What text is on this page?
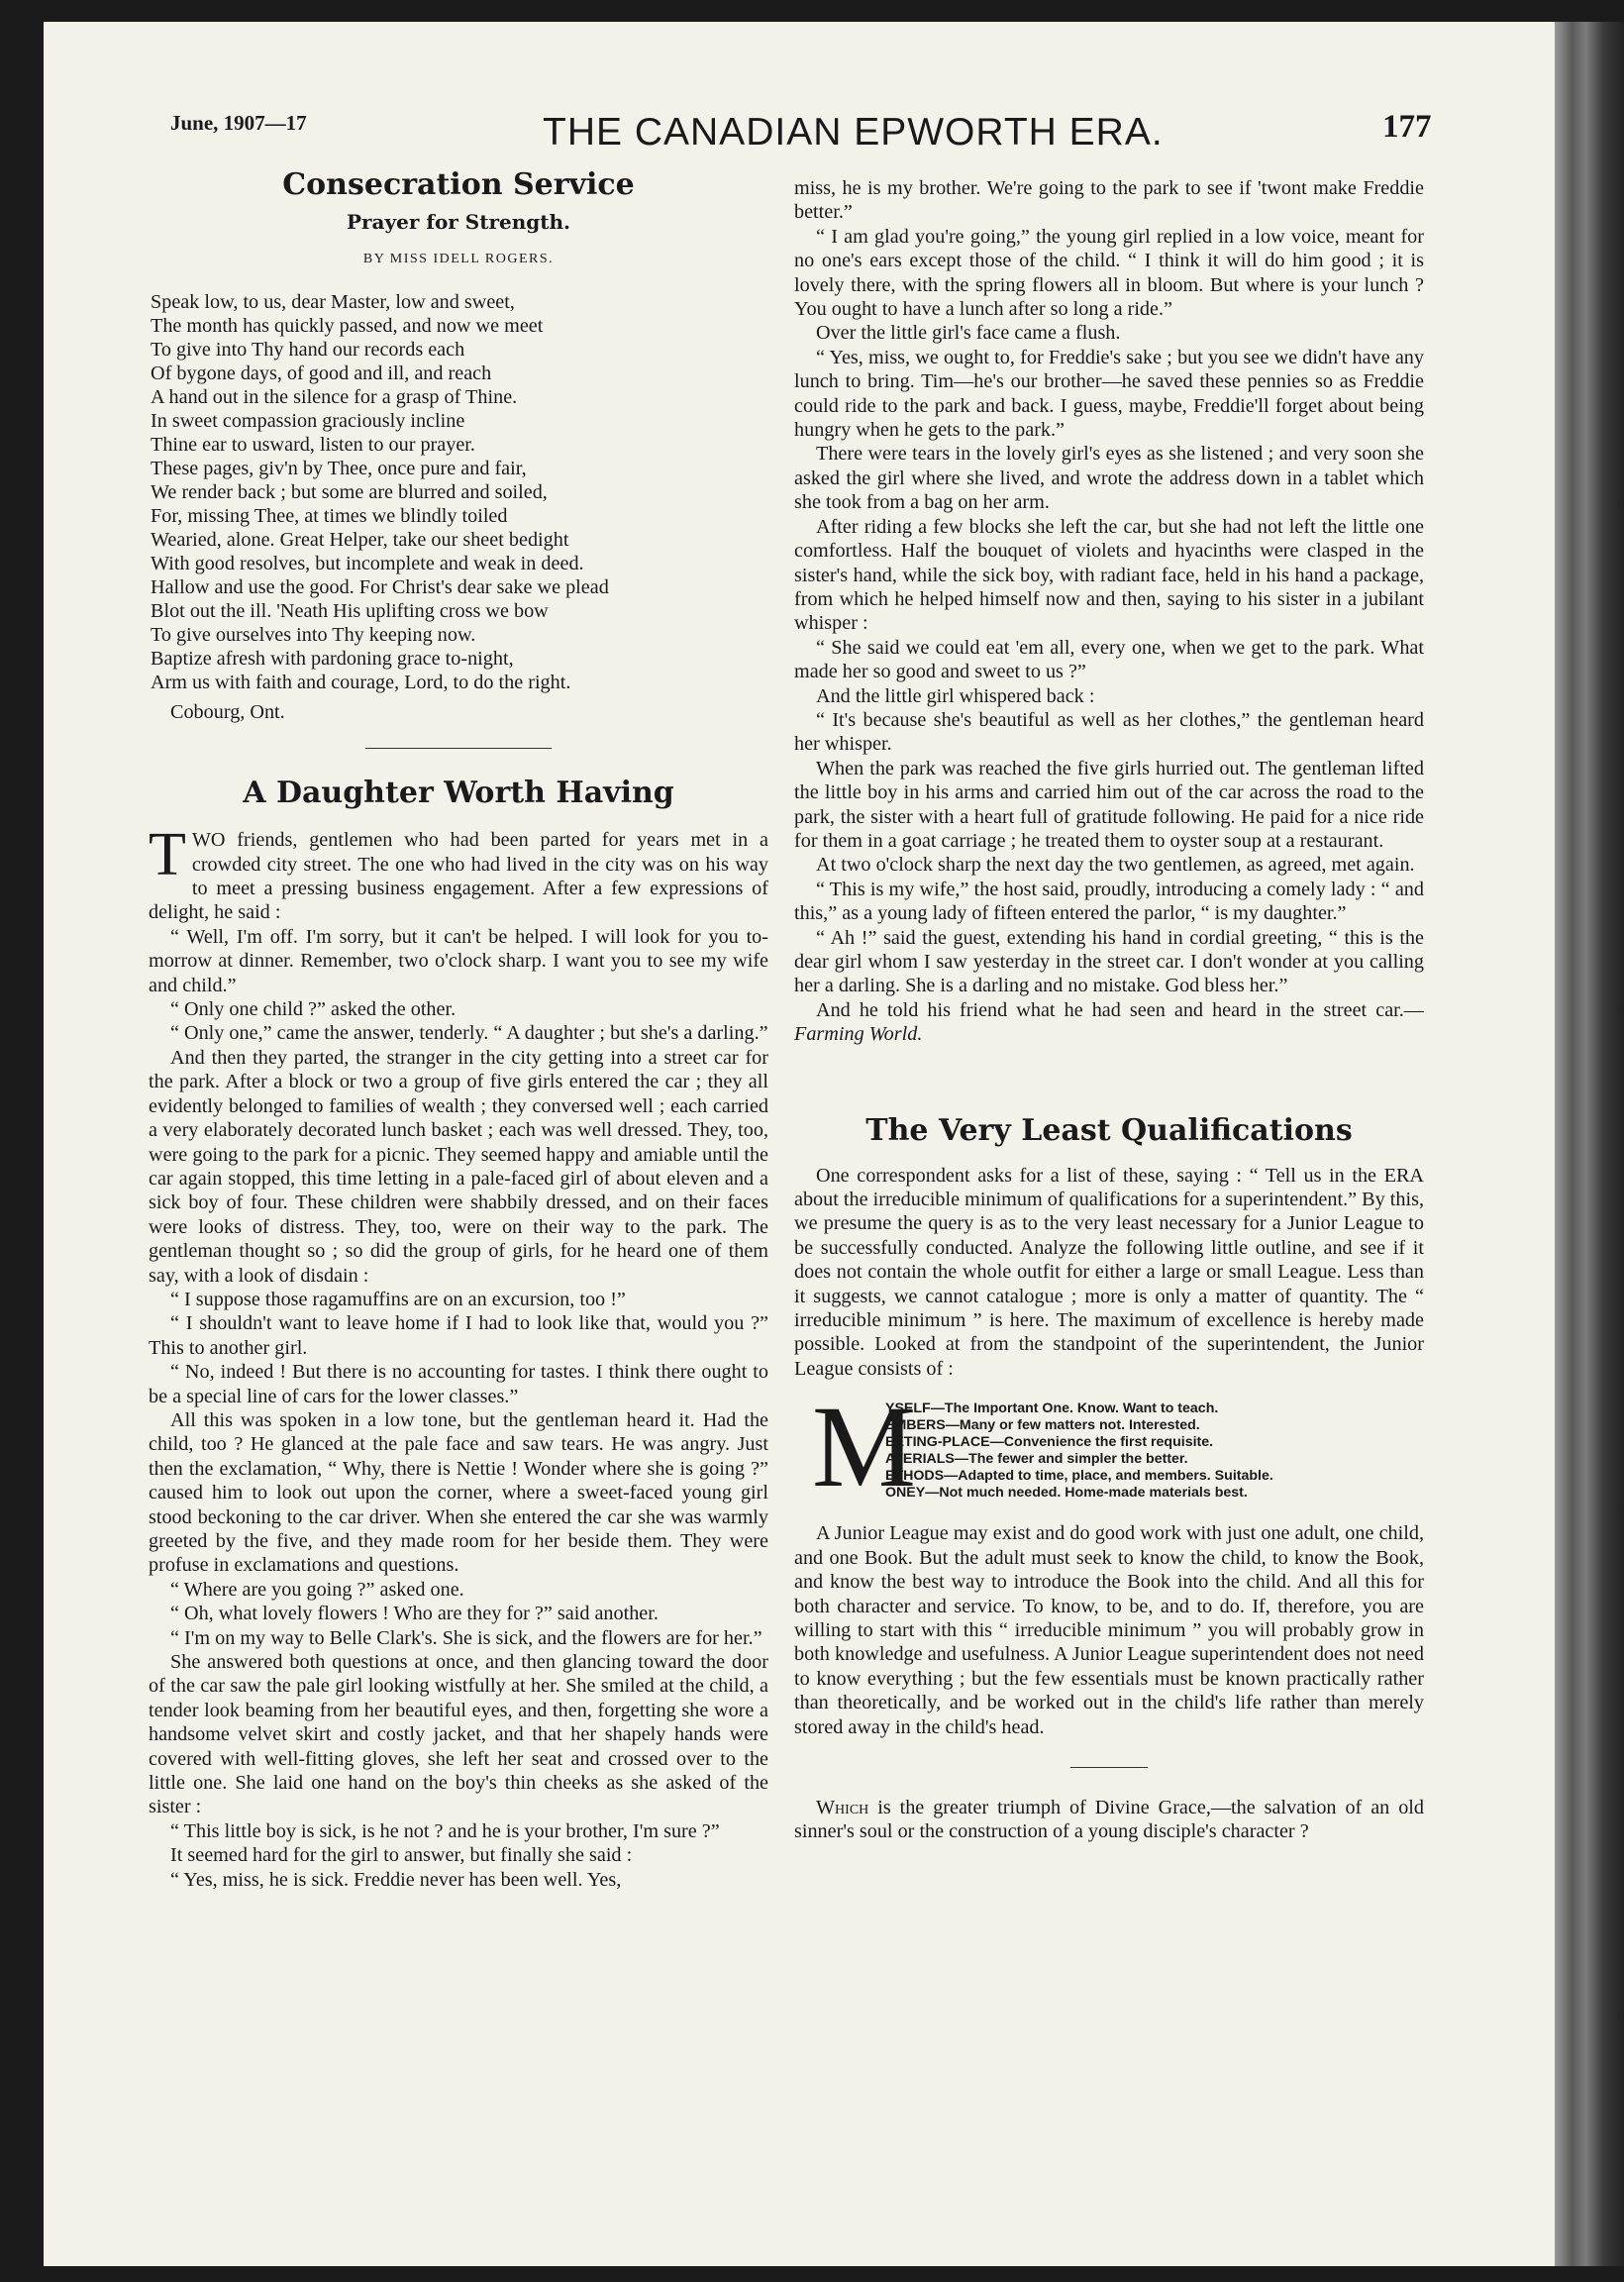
June, 1907—17	THE CANADIAN EPWORTH ERA.	177
Consecration Service
Prayer for Strength.
BY MISS IDELL ROGERS.
Speak low, to us, dear Master, low and sweet,
The month has quickly passed, and now we meet
To give into Thy hand our records each
Of bygone days, of good and ill, and reach
A hand out in the silence for a grasp of Thine.
In sweet compassion graciously incline
Thine ear to usward, listen to our prayer.
These pages, giv'n by Thee, once pure and fair,
We render back ; but some are blurred and soiled,
For, missing Thee, at times we blindly toiled
Wearied, alone. Great Helper, take our sheet bedight
With good resolves, but incomplete and weak in deed.
Hallow and use the good. For Christ's dear sake we plead
Blot out the ill. 'Neath His uplifting cross we bow
To give ourselves into Thy keeping now.
Baptize afresh with pardoning grace to-night,
Arm us with faith and courage, Lord, to do the right.
Cobourg, Ont.
A Daughter Worth Having
T WO friends, gentlemen who had been parted for years met in a crowded city street. The one who had lived in the city was on his way to meet a pressing business engagement. After a few expressions of delight, he said :

“ Well, I'm off. I'm sorry, but it can't be helped. I will look for you to-morrow at dinner. Remember, two o'clock sharp. I want you to see my wife and child.”

“ Only one child ?” asked the other.

“ Only one,” came the answer, tenderly. “ A daughter ; but she's a darling.”

And then they parted, the stranger in the city getting into a street car for the park. After a block or two a group of five girls entered the car ; they all evidently belonged to families of wealth ; they conversed well ; each carried a very elaborately decorated lunch basket ; each was well dressed. They, too, were going to the park for a picnic. They seemed happy and amiable until the car again stopped, this time letting in a pale-faced girl of about eleven and a sick boy of four. These children were shabbily dressed, and on their faces were looks of distress. They, too, were on their way to the park. The gentleman thought so ; so did the group of girls, for he heard one of them say, with a look of disdain :

“ I suppose those ragamuffins are on an excursion, too !”

“ I shouldn't want to leave home if I had to look like that, would you ?” This to another girl.

“ No, indeed ! But there is no accounting for tastes. I think there ought to be a special line of cars for the lower classes.”

All this was spoken in a low tone, but the gentleman heard it. Had the child, too ? He glanced at the pale face and saw tears. He was angry. Just then the exclamation, “ Why, there is Nettie ! Wonder where she is going ?” caused him to look out upon the corner, where a sweet-faced young girl stood beckoning to the car driver. When she entered the car she was warmly greeted by the five, and they made room for her beside them. They were profuse in exclamations and questions.

“ Where are you going ?” asked one.

“ Oh, what lovely flowers ! Who are they for ?” said another.

“ I'm on my way to Belle Clark's. She is sick, and the flowers are for her.”

She answered both questions at once, and then glancing toward the door of the car saw the pale girl looking wistfully at her. She smiled at the child, a tender look beaming from her beautiful eyes, and then, forgetting she wore a handsome velvet skirt and costly jacket, and that her shapely hands were covered with well-fitting gloves, she left her seat and crossed over to the little one. She laid one hand on the boy's thin cheeks as she asked of the sister :

“ This little boy is sick, is he not ? and he is your brother, I'm sure ?”

It seemed hard for the girl to answer, but finally she said :

“ Yes, miss, he is sick. Freddie never has been well. Yes,

miss, he is my brother. We're going to the park to see if 'twont make Freddie better.”

“ I am glad you're going,” the young girl replied in a low voice, meant for no one's ears except those of the child. “ I think it will do him good ; it is lovely there, with the spring flowers all in bloom. But where is your lunch ? You ought to have a lunch after so long a ride.”

Over the little girl's face came a flush.

“ Yes, miss, we ought to, for Freddie's sake ; but you see we didn't have any lunch to bring. Tim—he's our brother—he saved these pennies so as Freddie could ride to the park and back. I guess, maybe, Freddie'll forget about being hungry when he gets to the park.”

There were tears in the lovely girl's eyes as she listened ; and very soon she asked the girl where she lived, and wrote the address down in a tablet which she took from a bag on her arm.

After riding a few blocks she left the car, but she had not left the little one comfortless. Half the bouquet of violets and hyacinths were clasped in the sister's hand, while the sick boy, with radiant face, held in his hand a package, from which he helped himself now and then, saying to his sister in a jubilant whisper :

“ She said we could eat 'em all, every one, when we get to the park. What made her so good and sweet to us ?”

And the little girl whispered back :

“ It's because she's beautiful as well as her clothes,” the gentleman heard her whisper.

When the park was reached the five girls hurried out. The gentleman lifted the little boy in his arms and carried him out of the car across the road to the park, the sister with a heart full of gratitude following. He paid for a nice ride for them in a goat carriage ; he treated them to oyster soup at a restaurant.

At two o'clock sharp the next day the two gentlemen, as agreed, met again.

“ This is my wife,” the host said, proudly, introducing a comely lady : “ and this,” as a young lady of fifteen entered the parlor, “ is my daughter.”

“ Ah !” said the guest, extending his hand in cordial greeting, “ this is the dear girl whom I saw yesterday in the street car. I don't wonder at you calling her a darling. She is a darling and no mistake. God bless her.”

And he told his friend what he had seen and heard in the street car.—Farming World.

The Very Least Qualifications

One correspondent asks for a list of these, saying : “ Tell us in the ERA about the irreducible minimum of qualifications for a superintendent.” By this, we presume the query is as to the very least necessary for a Junior League to be successfully conducted. Analyze the following little outline, and see if it does not contain the whole outfit for either a large or small League. Less than it suggests, we cannot catalogue ; more is only a matter of quantity. The “ irreducible minimum ” is here. The maximum of excellence is hereby made possible. Looked at from the standpoint of the superintendent, the Junior League consists of :

M
YSELF—The Important One. Know. Want to teach.
EMBERS—Many or few matters not. Interested.
EETING-PLACE—Convenience the first requisite.
ATERIALS—The fewer and simpler the better.
ETHODS—Adapted to time, place, and members. Suitable.
ONEY—Not much needed. Home-made materials best.

A Junior League may exist and do good work with just one adult, one child, and one Book. But the adult must seek to know the child, to know the Book, and know the best way to introduce the Book into the child. And all this for both character and service. To know, to be, and to do. If, therefore, you are willing to start with this “ irreducible minimum ” you will probably grow in both knowledge and usefulness. A Junior League superintendent does not need to know everything ; but the few essentials must be known practically rather than theoretically, and be worked out in the child's life rather than merely stored away in the child's head.

Which is the greater triumph of Divine Grace,—the salvation of an old sinner's soul or the construction of a young disciple's character ?
